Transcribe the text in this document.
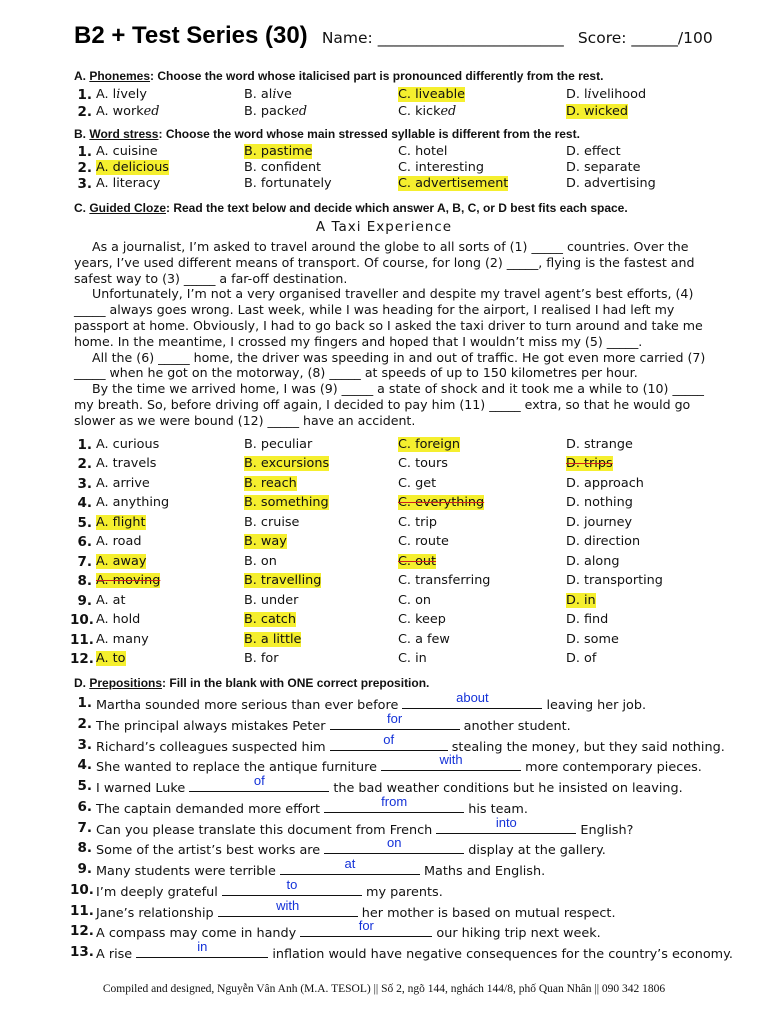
B2 + Test Series (30) Name: ________________________ Score: ______/100
A. Phonemes: Choose the word whose italicised part is pronounced differently from the rest.
1. A. lively	B. alive	C. liveable	D. livelihood
2. A. worked	B. packed	C. kicked	D. wicked
B. Word stress: Choose the word whose main stressed syllable is different from the rest.
1. A. cuisine	B. pastime	C. hotel	D. effect
2. A. delicious	B. confident	C. interesting	D. separate
3. A. literacy	B. fortunately	C. advertisement	D. advertising
C. Guided Cloze: Read the text below and decide which answer A, B, C, or D best fits each space.
A Taxi Experience

As a journalist, I’m asked to travel around the globe to all sorts of (1) _____ countries. Over the

years, I’ve used different means of transport. Of course, for long (2) _____, flying is the fastest and

safest way to (3) _____ a far-off destination.

Unfortunately, I’m not a very organised traveller and despite my travel agent’s best efforts, (4)

_____ always goes wrong. Last week, while I was heading for the airport, I realised I had left my

passport at home. Obviously, I had to go back so I asked the taxi driver to turn around and take me

home. In the meantime, I crossed my fingers and hoped that I wouldn’t miss my (5) _____.

All the (6) _____ home, the driver was speeding in and out of traffic. He got even more carried (7)

_____ when he got on the motorway, (8) _____ at speeds of up to 150 kilometres per hour.

By the time we arrived home, I was (9) _____ a state of shock and it took me a while to (10) _____

my breath. So, before driving off again, I decided to pay him (11) _____ extra, so that he would go

slower as we were bound (12) _____ have an accident.

1. A. curious	B. peculiar	C. foreign	D. strange
2. A. travels	B. excursions	C. tours	D. trips
3. A. arrive	B. reach	C. get	D. approach
4. A. anything	B. something	C. everything	D. nothing
5. A. flight	B. cruise	C. trip	D. journey
6. A. road	B. way	C. route	D. direction
7. A. away	B. on	C. out	D. along
8. A. moving	B. travelling	C. transferring	D. transporting
9. A. at	B. under	C. on	D. in
10. A. hold	B. catch	C. keep	D. find
11. A. many	B. a little	C. a few	D. some
12. A. to	B. for	C. in	D. of
D. Prepositions: Fill in the blank with ONE correct preposition.
1. Martha sounded more serious than ever before
about
leaving her job.
2. The principal always mistakes Peter
for
another student.
3. Richard’s colleagues suspected him
of
stealing the money, but they said nothing.
4. She wanted to replace the antique furniture
with
more contemporary pieces.
5. I warned Luke
of
the bad weather conditions but he insisted on leaving.
6. The captain demanded more effort
from
his team.
7. Can you please translate this document from French
into
English?
8. Some of the artist’s best works are
on
display at the gallery.
9. Many students were terrible
at
Maths and English.
10. I’m deeply grateful
to
my parents.
11. Jane’s relationship
with
her mother is based on mutual respect.
12. A compass may come in handy
for
our hiking trip next week.
13. A rise
in
inflation would have negative consequences for the country’s economy.
Compiled and designed, Nguyễn Vân Anh (M.A. TESOL) || Số 2, ngõ 144, nghách 144/8, phố Quan Nhân || 090 342 1806
